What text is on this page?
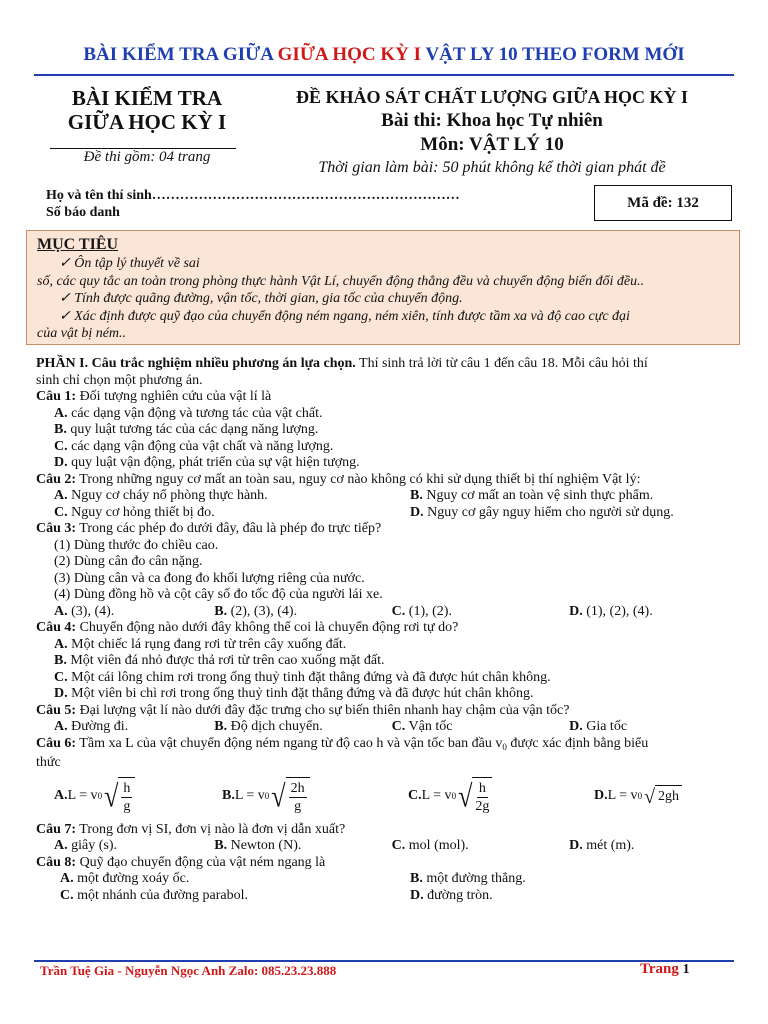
BÀI KIỂM TRA GIỮA GIỮA HỌC KỲ I VẬT LY 10 THEO FORM MỚI
BÀI KIỂM TRA
GIỮA HỌC KỲ I
Đề thi gồm: 04 trang
ĐỀ KHẢO SÁT CHẤT LƯỢNG GIỮA HỌC KỲ I
Bài thi: Khoa học Tự nhiên
Môn: VẬT LÝ 10
Thời gian làm bài: 50 phút không kể thời gian phát đề
Họ và tên thí sinh…………………………………………………………
Số báo danh
Mã đề: 132
MỤC TIÊU
✓ Ôn tập lý thuyết về sai
số, các quy tắc an toàn trong phòng thực hành Vật Lí, chuyển động thẳng đều và chuyển động biến đổi đều..
✓ Tính được quãng đường, vận tốc, thời gian, gia tốc của chuyển động.
✓ Xác định được quỹ đạo của chuyển động ném ngang, ném xiên, tính được tầm xa và độ cao cực đại
của vật bị ném..
PHẦN I. Câu trắc nghiệm nhiều phương án lựa chọn. Thí sinh trả lời từ câu 1 đến câu 18. Mỗi câu hỏi thí
sinh chỉ chọn một phương án.
Câu 1: Đối tượng nghiên cứu của vật lí là
A. các dạng vận động và tương tác của vật chất.
B. quy luật tương tác của các dạng năng lượng.
C. các dạng vận động của vật chất và năng lượng.
D. quy luật vận động, phát triển của sự vật hiện tượng.
Câu 2: Trong những nguy cơ mất an toàn sau, nguy cơ nào không có khi sử dụng thiết bị thí nghiệm Vật lý:
A. Nguy cơ cháy nổ phòng thực hành.	B. Nguy cơ mất an toàn vệ sinh thực phẩm.
C. Nguy cơ hỏng thiết bị đo.	D. Nguy cơ gây nguy hiểm cho người sử dụng.
Câu 3: Trong các phép đo dưới đây, đâu là phép đo trực tiếp?
(1) Dùng thước đo chiều cao.
(2) Dùng cân đo cân nặng.
(3) Dùng cân và ca đong đo khối lượng riêng của nước.
(4) Dùng đồng hồ và cột cây số đo tốc độ của người lái xe.
A. (3), (4).	B. (2), (3), (4).	C. (1), (2).	D. (1), (2), (4).
Câu 4: Chuyển động nào dưới đây không thể coi là chuyển động rơi tự do?
A. Một chiếc lá rụng đang rơi từ trên cây xuống đất.
B. Một viên đá nhỏ được thả rơi từ trên cao xuống mặt đất.
C. Một cái lông chim rơi trong ống thuỷ tinh đặt thẳng đứng và đã được hút chân không.
D. Một viên bi chì rơi trong ống thuỷ tinh đặt thẳng đứng và đã được hút chân không.
Câu 5: Đại lượng vật lí nào dưới đây đặc trưng cho sự biến thiên nhanh hay chậm của vận tốc?
A. Đường đi.	B. Độ dịch chuyển.	C. Vận tốc	D. Gia tốc
Câu 6: Tầm xa L của vật chuyển động ném ngang từ độ cao h và vận tốc ban đầu $v_0$ được xác định bằng biểu
thức
A. L = v 0 √ $\frac{h}{g}$	B. L = v 0 √ $\frac{2h}{g}$	C. L = v 0 √ $\frac{h}{2g}$	D. L = v 0 √ 2gh
Câu 7: Trong đơn vị SI, đơn vị nào là đơn vị dẫn xuất?
A. giây (s).	B. Newton (N).	C. mol (mol).	D. mét (m).
Câu 8: Quỹ đạo chuyển động của vật ném ngang là
A. một đường xoáy ốc.	B. một đường thẳng.
C. một nhánh của đường parabol.	D. đường tròn.
Trần Tuệ Gia - Nguyễn Ngọc Anh Zalo: 085.23.23.888	Trang 1
